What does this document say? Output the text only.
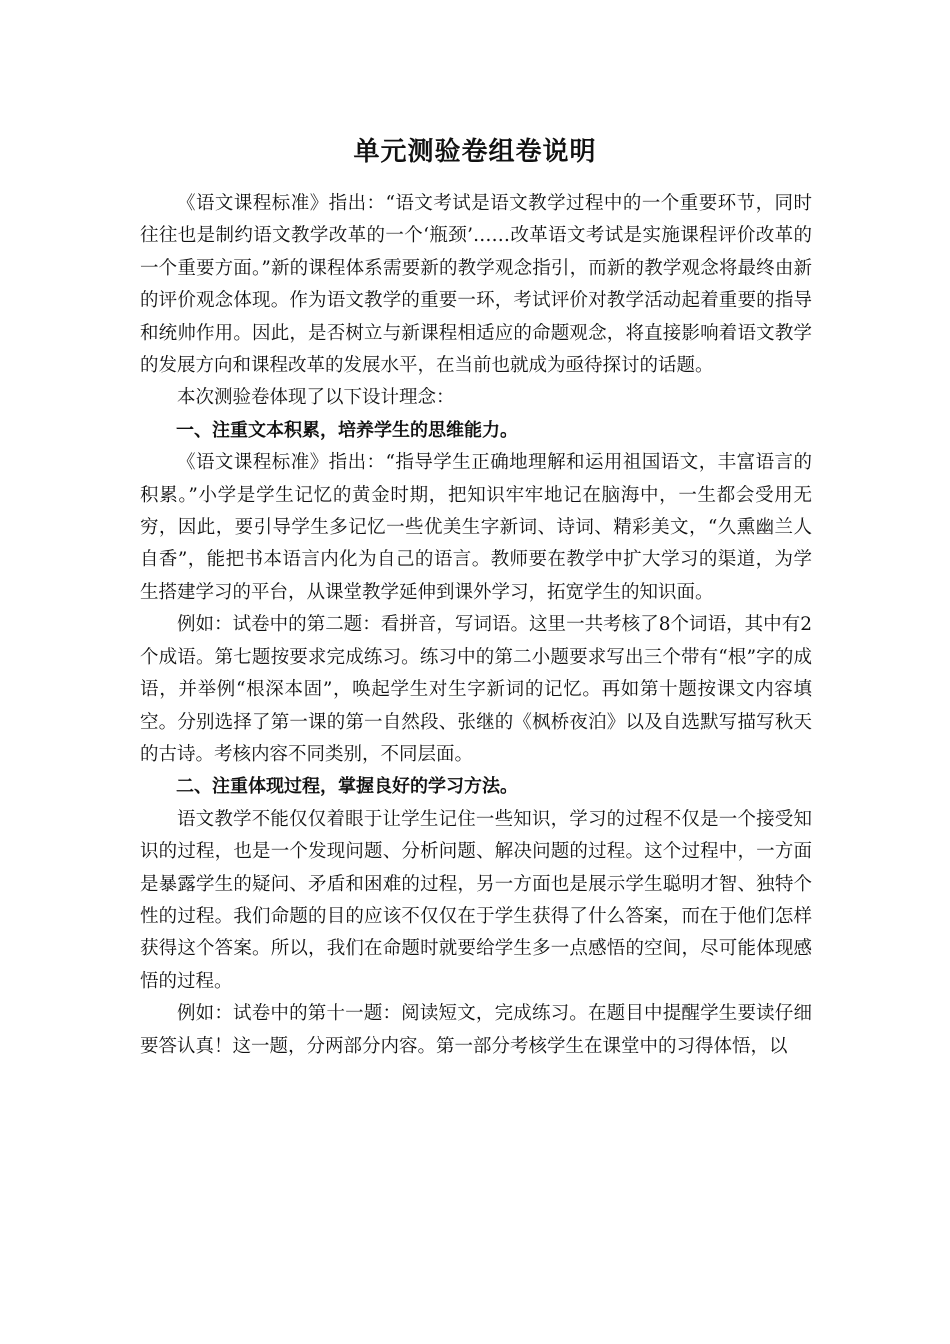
单元测验卷组卷说明

《语文课程标准》指出：“语文考试是语文教学过程中的一个重要环节，同时往往也是制约语文教学改革的一个‘瓶颈’……改革语文考试是实施课程评价改革的一个重要方面。”新的课程体系需要新的教学观念指引，而新的教学观念将最终由新的评价观念体现。作为语文教学的重要一环，考试评价对教学活动起着重要的指导和统帅作用。因此，是否树立与新课程相适应的命题观念，将直接影响着语文教学的发展方向和课程改革的发展水平，在当前也就成为亟待探讨的话题。

本次测验卷体现了以下设计理念：

一、注重文本积累，培养学生的思维能力。

《语文课程标准》指出：“指导学生正确地理解和运用祖国语文，丰富语言的积累。”小学是学生记忆的黄金时期，把知识牢牢地记在脑海中，一生都会受用无穷，因此，要引导学生多记忆一些优美生字新词、诗词、精彩美文，“久熏幽兰人自香”，能把书本语言内化为自己的语言。教师要在教学中扩大学习的渠道，为学生搭建学习的平台，从课堂教学延伸到课外学习，拓宽学生的知识面。

例如：试卷中的第二题：看拼音，写词语。这里一共考核了8个词语，其中有2个成语。第七题按要求完成练习。练习中的第二小题要求写出三个带有“根”字的成语，并举例“根深本固”，唤起学生对生字新词的记忆。再如第十题按课文内容填空。分别选择了第一课的第一自然段、张继的《枫桥夜泊》以及自选默写描写秋天的古诗。考核内容不同类别，不同层面。

二、注重体现过程，掌握良好的学习方法。

语文教学不能仅仅着眼于让学生记住一些知识，学习的过程不仅是一个接受知识的过程，也是一个发现问题、分析问题、解决问题的过程。这个过程中，一方面是暴露学生的疑问、矛盾和困难的过程，另一方面也是展示学生聪明才智、独特个性的过程。我们命题的目的应该不仅仅在于学生获得了什么答案，而在于他们怎样获得这个答案。所以，我们在命题时就要给学生多一点感悟的空间，尽可能体现感悟的过程。

例如：试卷中的第十一题：阅读短文，完成练习。在题目中提醒学生要读仔细要答认真！这一题，分两部分内容。第一部分考核学生在课堂中的习得体悟，以
